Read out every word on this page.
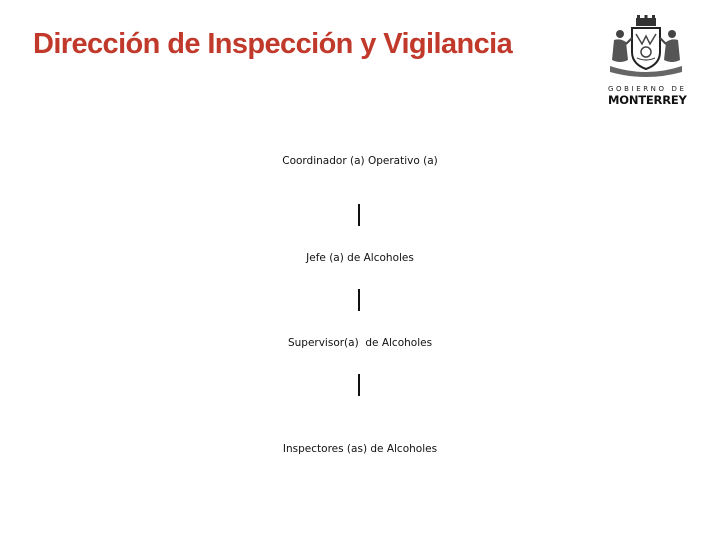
Dirección de Inspección y Vigilancia
GOBIERNO DE
MONTERREY
Coordinador (a) Operativo (a)
Jefe (a) de Alcoholes
Supervisor(a)  de Alcoholes
Inspectores (as) de Alcoholes
